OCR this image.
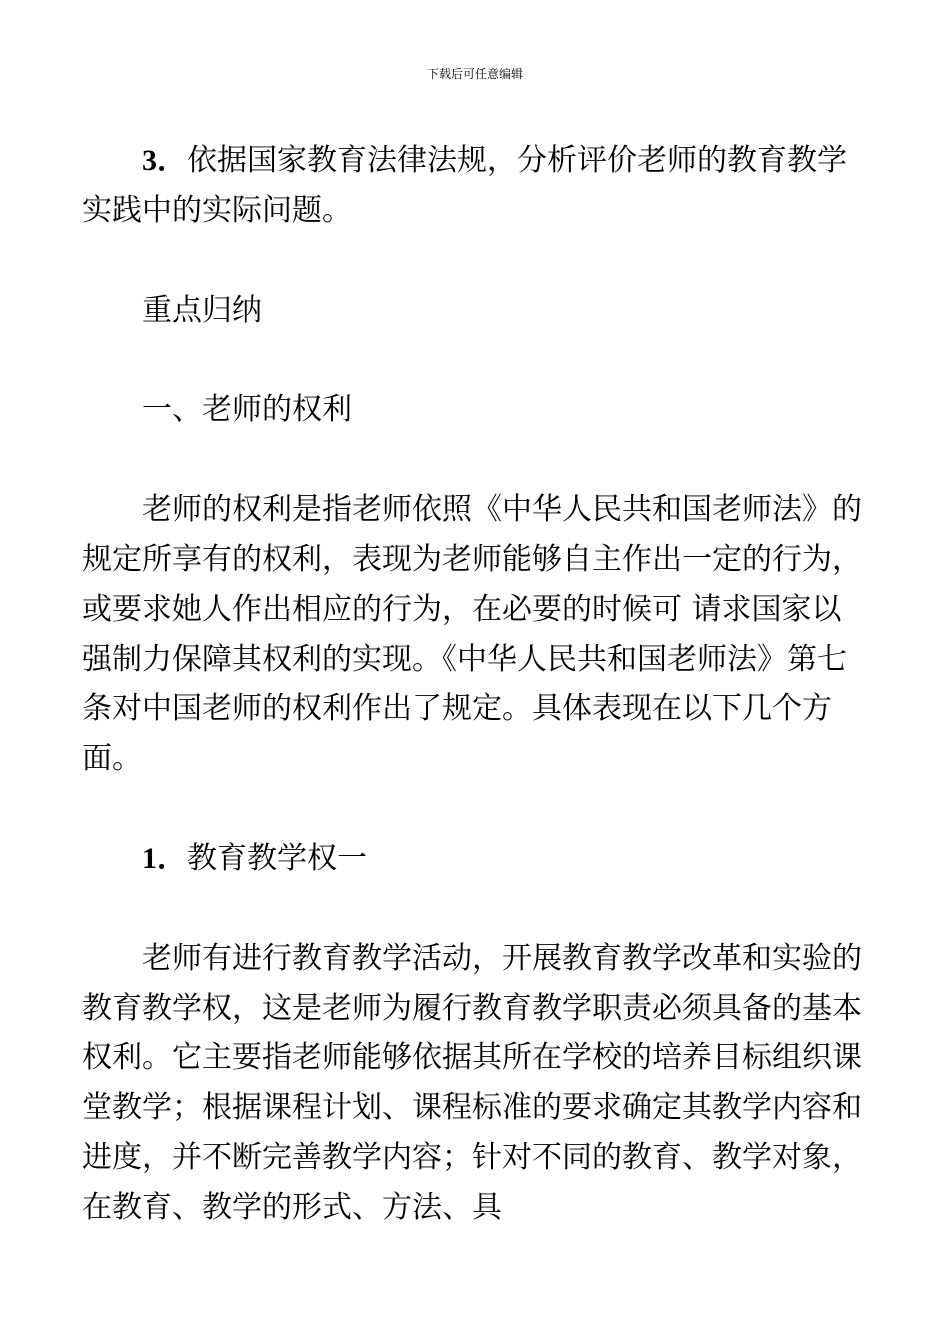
下载后可任意编辑

3．依据国家教育法律法规，分析评价老师的教育教学实践中的实际问题。

重点归纳

一、老师的权利

老师的权利是指老师依照《中华人民共和国老师法》的规定所享有的权利，表现为老师能够自主作出一定的行为，或要求她人作出相应的行为，在必要的时候可 请求国家以强制力保障其权利的实现。《中华人民共和国老师法》第七条对中国老师的权利作出了规定。具体表现在以下几个方面。

1．教育教学权一

老师有进行教育教学活动，开展教育教学改革和实验的教育教学权，这是老师为履行教育教学职责必须具备的基本权利。它主要指老师能够依据其所在学校的培养目标组织课堂教学；根据课程计划、课程标准的要求确定其教学内容和进度，并不断完善教学内容；针对不同的教育、教学对象，在教育、教学的形式、方法、具
